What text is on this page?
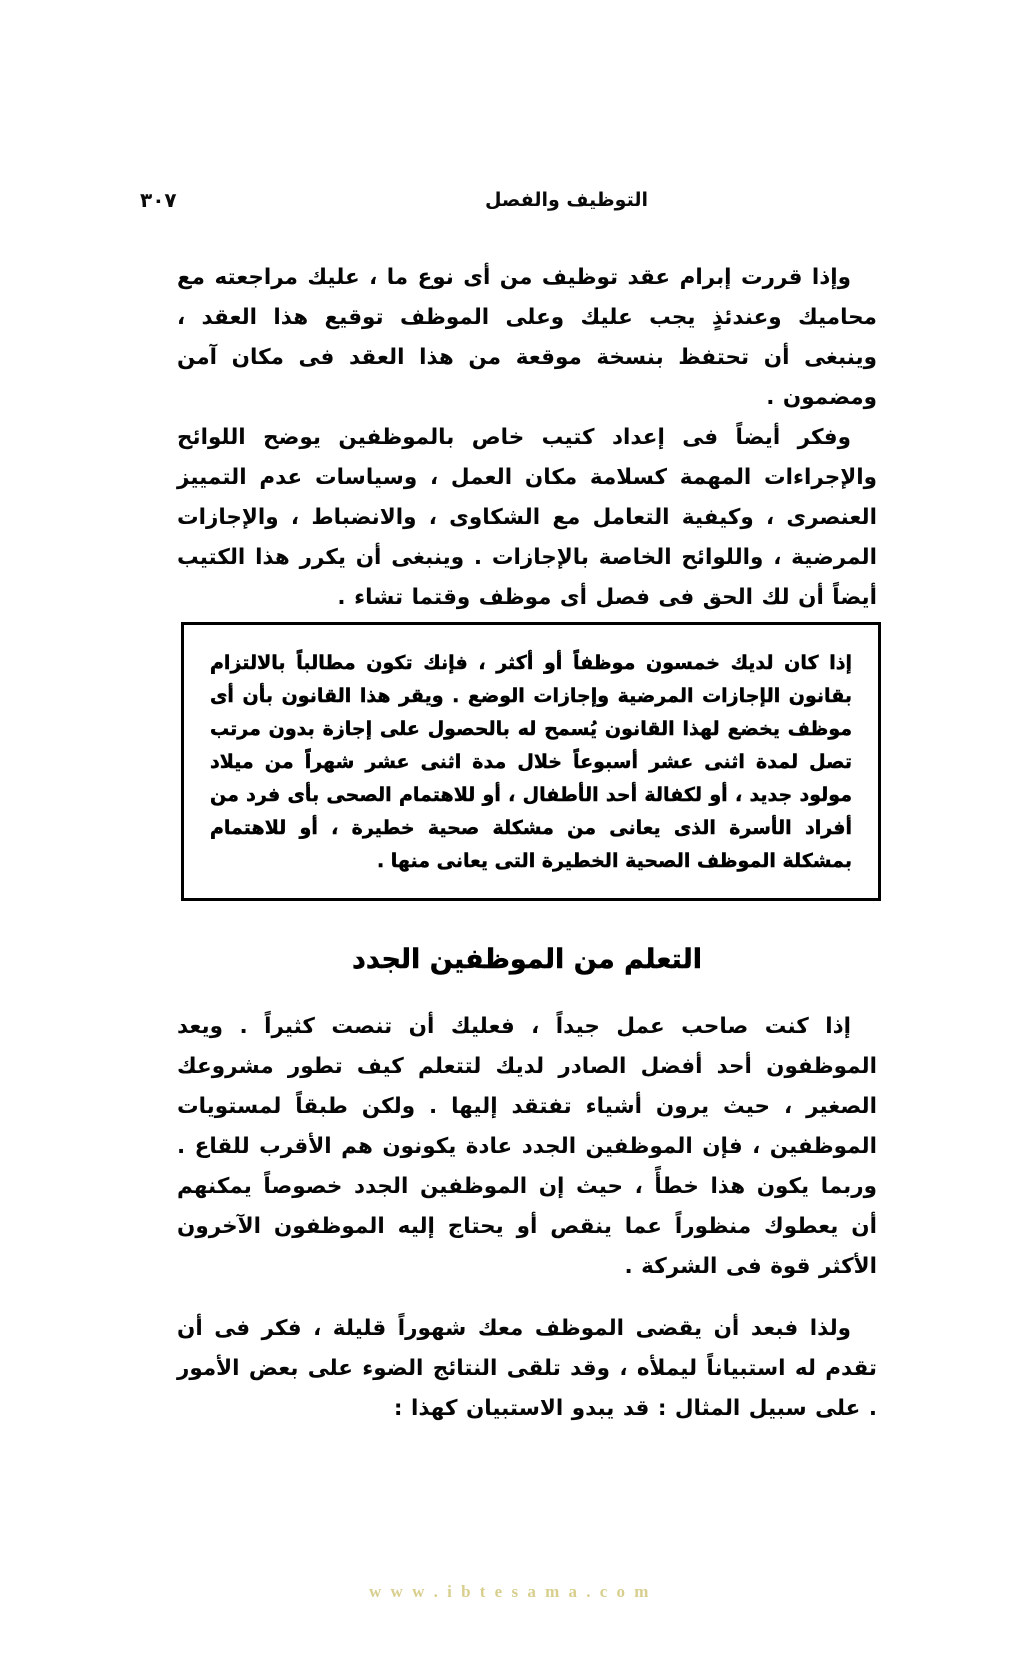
التوظيف والفصل
٣٠٧

وإذا قررت إبرام عقد توظيف من أى نوع ما ، عليك مراجعته مع محاميك وعندئذٍ يجب عليك وعلى الموظف توقيع هذا العقد ، وينبغى أن تحتفظ بنسخة موقعة من هذا العقد فى مكان آمن ومضمون .

وفكر أيضاً فى إعداد كتيب خاص بالموظفين يوضح اللوائح والإجراءات المهمة كسلامة مكان العمل ، وسياسات عدم التمييز العنصرى ، وكيفية التعامل مع الشكاوى ، والانضباط ، والإجازات المرضية ، واللوائح الخاصة بالإجازات . وينبغى أن يكرر هذا الكتيب أيضاً أن لك الحق فى فصل أى موظف وقتما تشاء .

إذا كان لديك خمسون موظفاً أو أكثر ، فإنك تكون مطالباً بالالتزام بقانون الإجازات المرضية وإجازات الوضع . ويقر هذا القانون بأن أى موظف يخضع لهذا القانون يُسمح له بالحصول على إجازة بدون مرتب تصل لمدة اثنى عشر أسبوعاً خلال مدة اثنى عشر شهراً من ميلاد مولود جديد ، أو لكفالة أحد الأطفال ، أو للاهتمام الصحى بأى فرد من أفراد الأسرة الذى يعانى من مشكلة صحية خطيرة ، أو للاهتمام بمشكلة الموظف الصحية الخطيرة التى يعانى منها .

التعلم من الموظفين الجدد

إذا كنت صاحب عمل جيداً ، فعليك أن تنصت كثيراً . ويعد الموظفون أحد أفضل الصادر لديك لتتعلم كيف تطور مشروعك الصغير ، حيث يرون أشياء تفتقد إليها . ولكن طبقاً لمستويات الموظفين ، فإن الموظفين الجدد عادة يكونون هم الأقرب للقاع . وربما يكون هذا خطأً ، حيث إن الموظفين الجدد خصوصاً يمكنهم أن يعطوك منظوراً عما ينقص أو يحتاج إليه الموظفون الآخرون الأكثر قوة فى الشركة .

ولذا فبعد أن يقضى الموظف معك شهوراً قليلة ، فكر فى أن تقدم له استبياناً ليملأه ، وقد تلقى النتائج الضوء على بعض الأمور . على سبيل المثال : قد يبدو الاستبيان كهذا :

w w w . i b t e s a m a . c o m
